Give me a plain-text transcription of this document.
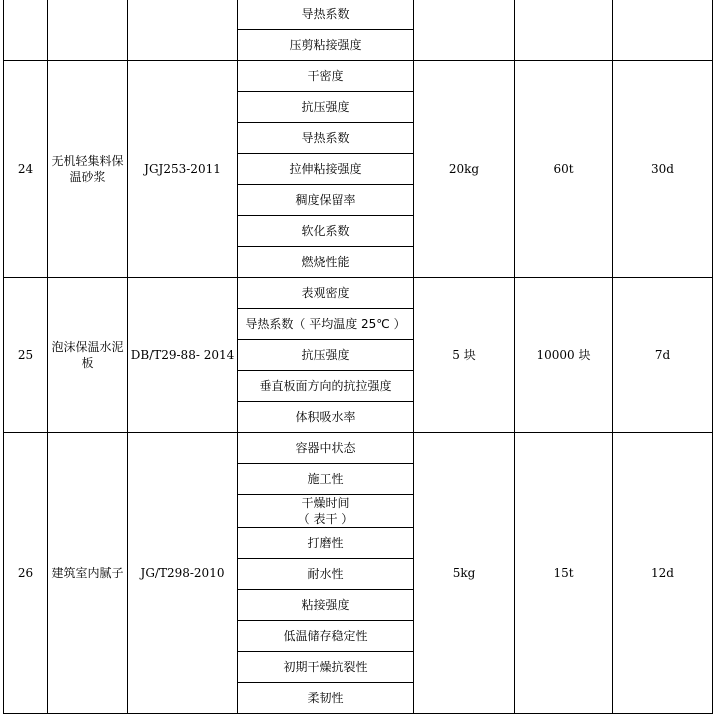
			导热系数			
			压剪粘接强度			
24	无机轻集料保温砂浆	JGJ253-2011	干密度	20kg	60t	30d
			抗压强度			
			导热系数			
			拉伸粘接强度			
			稠度保留率			
			软化系数			
			燃烧性能			
25	泡沫保温水泥板	DB/T29-88- 2014	表观密度	5 块	10000 块	7d
			导热系数（ 平均温度 25℃ ）			
			抗压强度			
			垂直板面方向的抗拉强度			
			体积吸水率			
26	建筑室内腻子	JG/T298-2010	容器中状态	5kg	15t	12d
			施工性			

			干燥时间
（ 表干 ）			

			打磨性			
			耐水性			
			粘接强度			
			低温储存稳定性			
			初期干燥抗裂性			
			柔韧性			
